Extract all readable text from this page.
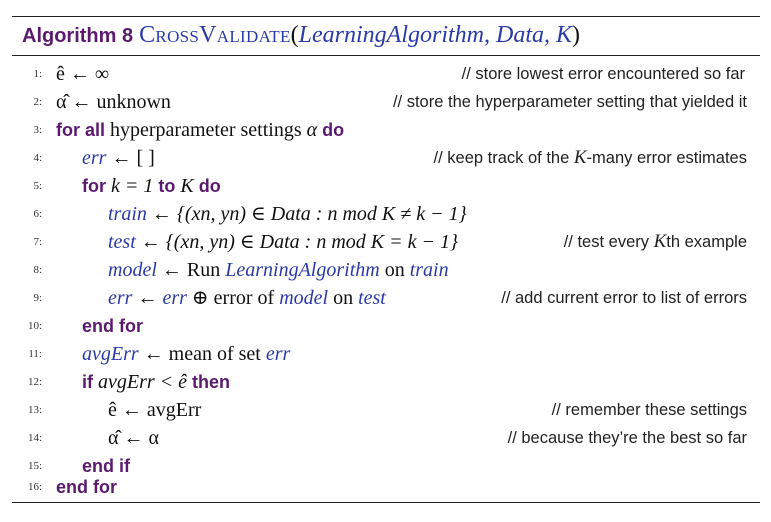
Algorithm 8 CrossValidate(LearningAlgorithm, Data, K)
1: ê ← ∞	// store lowest error encountered so far
2: α̂ ← unknown	// store the hyperparameter setting that yielded it
3: for all hyperparameter settings α do
4: err ← [ ]	// keep track of the K-many error estimates
5: for k = 1 to K do
6:	train ← {(xn, yn) ∈ Data : n mod K ≠ k − 1}
7:	test ← {(xn, yn) ∈ Data : n mod K = k − 1}	// test every Kth example
8:	model ← Run LearningAlgorithm on train
9:	err ← err ⊕ error of model on test	// add current error to list of errors
10: end for
11: avgErr ← mean of set err
12: if avgErr < ê then
13:	ê ← avgErr	// remember these settings
14:	α̂ ← α	// because they’re the best so far
15: end if
16: end for
